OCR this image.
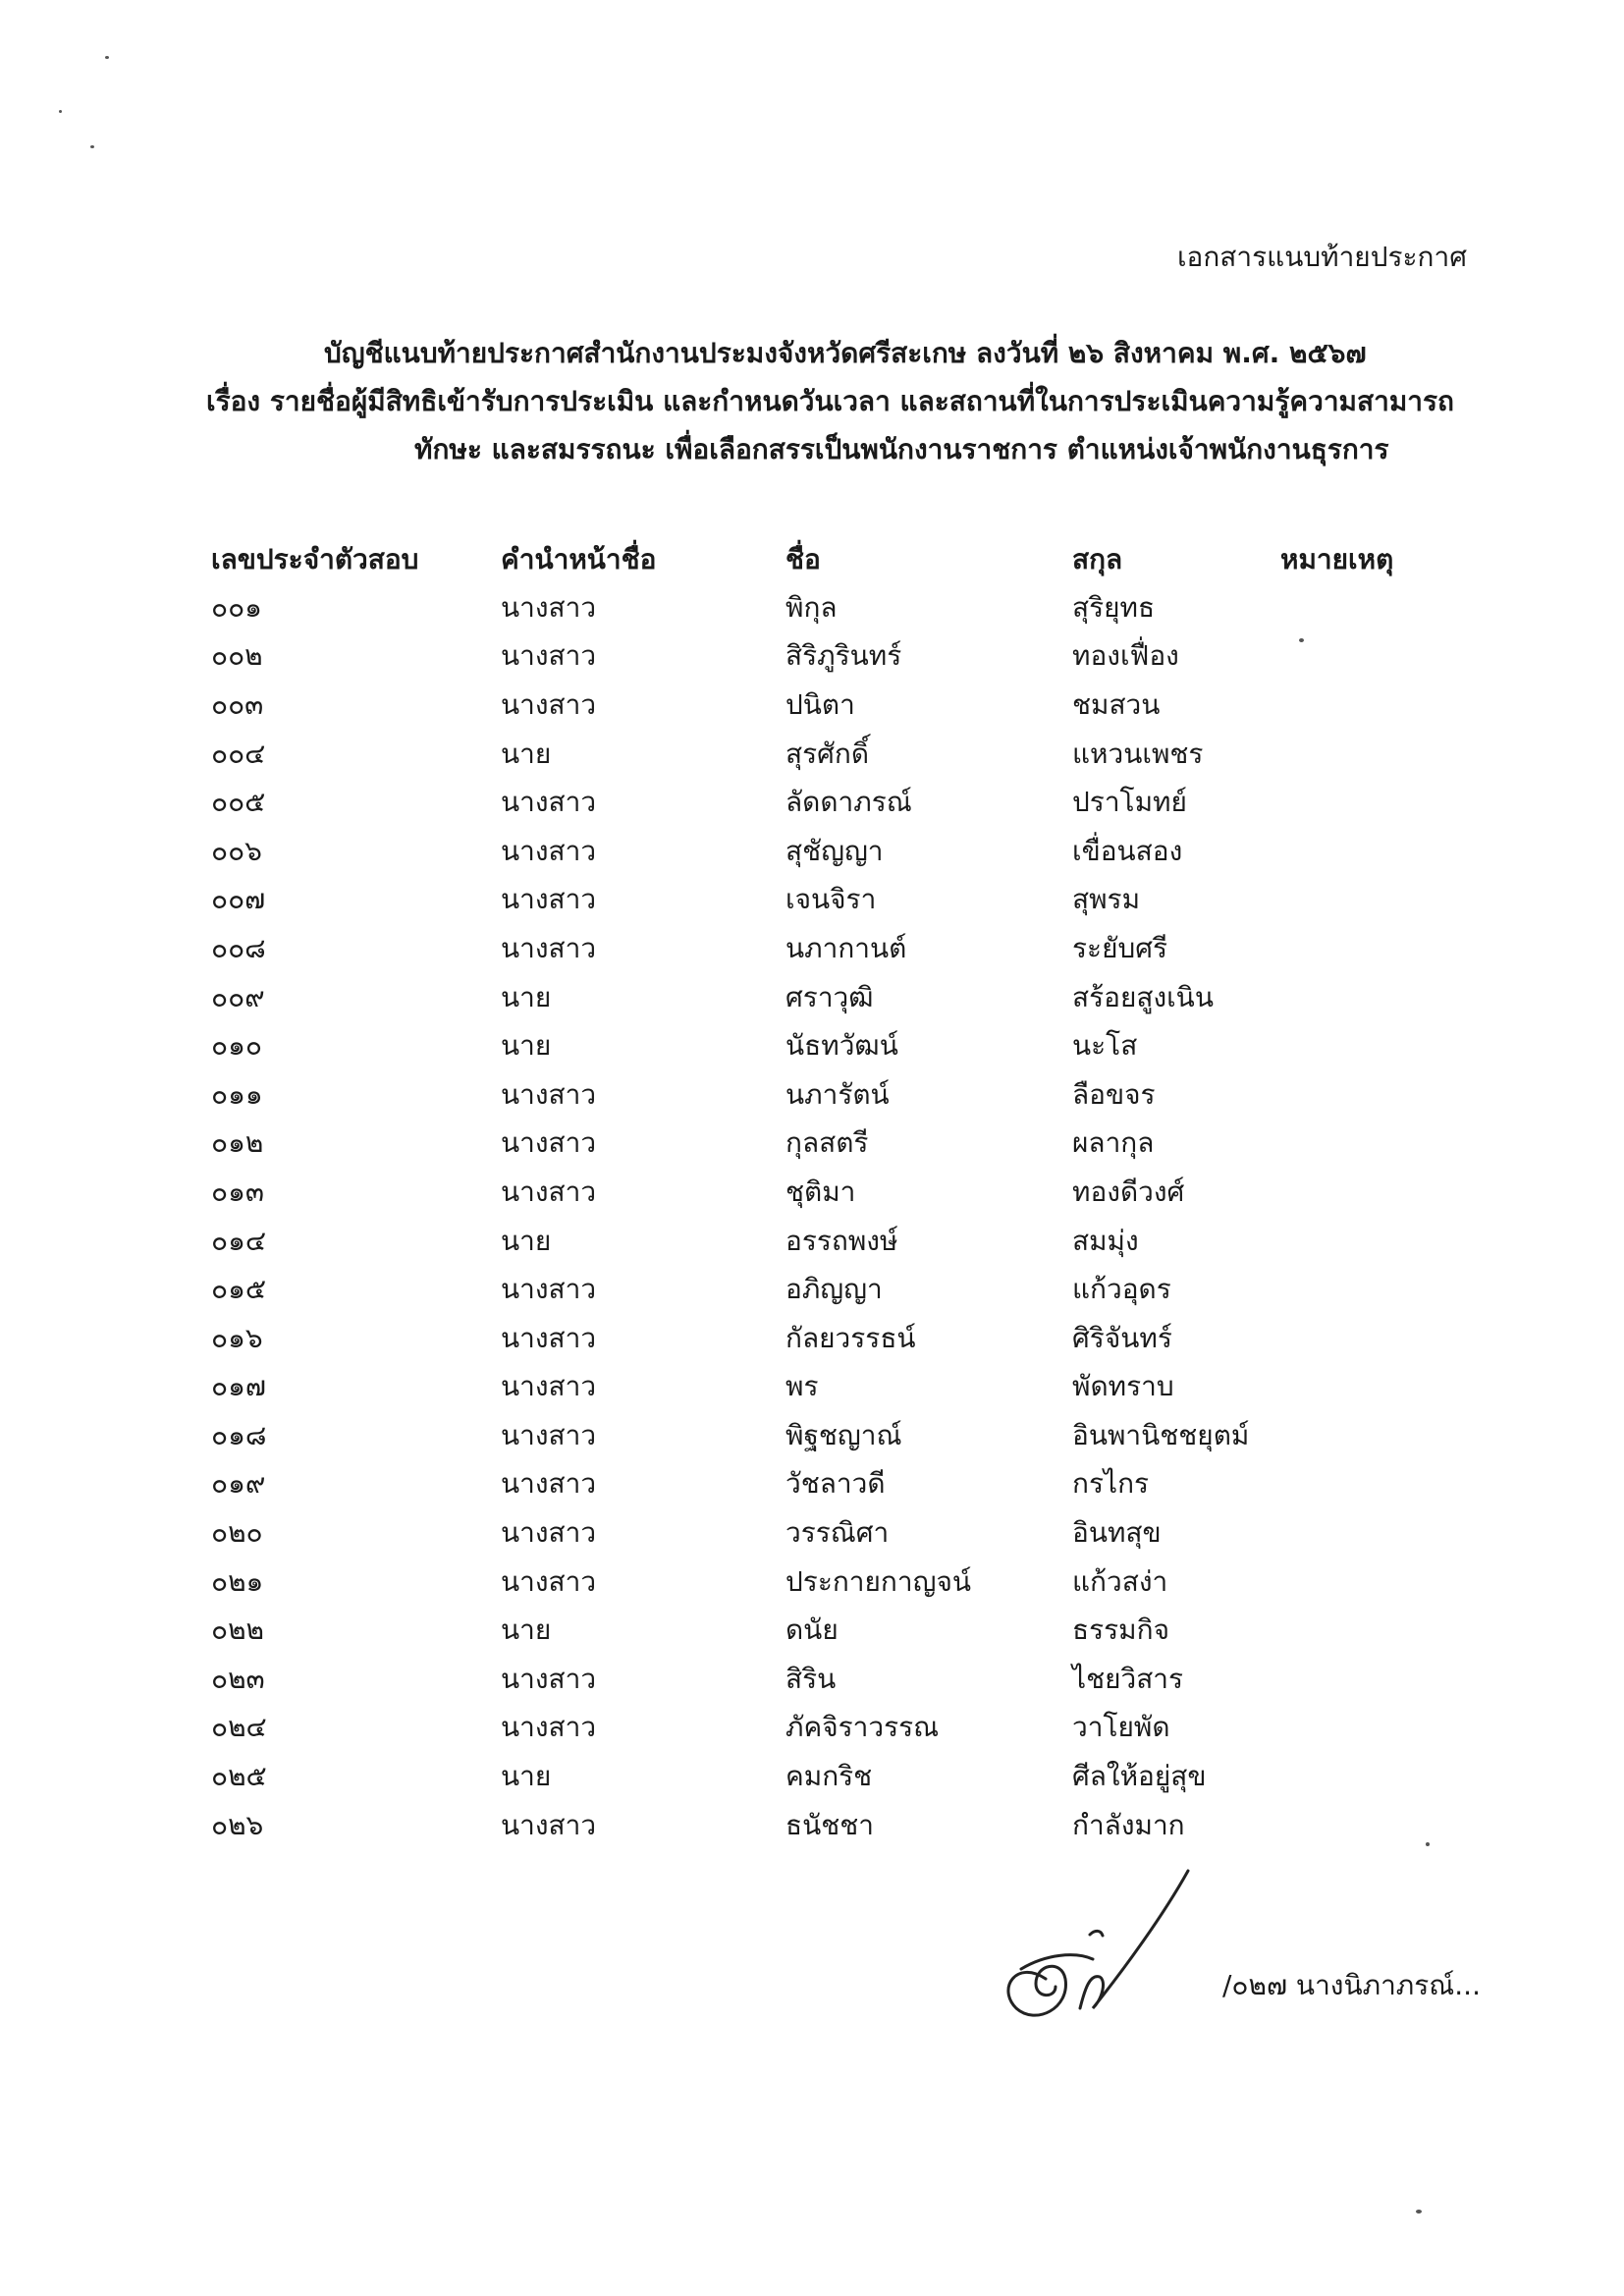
เอกสารแนบท้ายประกาศ
บัญชีแนบท้ายประกาศสำนักงานประมงจังหวัดศรีสะเกษ ลงวันที่ ๒๖ สิงหาคม พ.ศ. ๒๕๖๗
เรื่อง รายชื่อผู้มีสิทธิเข้ารับการประเมิน และกำหนดวันเวลา และสถานที่ในการประเมินความรู้ความสามารถ
ทักษะ และสมรรถนะ เพื่อเลือกสรรเป็นพนักงานราชการ ตำแหน่งเจ้าพนักงานธุรการ
เลขประจำตัวสอบ	คำนำหน้าชื่อ	ชื่อ	สกุล	หมายเหตุ
๐๐๑	นางสาว	พิกุล	สุริยุทธ	
๐๐๒	นางสาว	สิริภูรินทร์	ทองเฟื่อง	
๐๐๓	นางสาว	ปนิตา	ชมสวน	
๐๐๔	นาย	สุรศักดิ์	แหวนเพชร	
๐๐๕	นางสาว	ลัดดาภรณ์	ปราโมทย์	
๐๐๖	นางสาว	สุชัญญา	เขื่อนสอง	
๐๐๗	นางสาว	เจนจิรา	สุพรม	
๐๐๘	นางสาว	นภากานต์	ระยับศรี	
๐๐๙	นาย	ศราวุฒิ	สร้อยสูงเนิน	
๐๑๐	นาย	นัธทวัฒน์	นะโส	
๐๑๑	นางสาว	นภารัตน์	ลือขจร	
๐๑๒	นางสาว	กุลสตรี	ผลากุล	
๐๑๓	นางสาว	ชุติมา	ทองดีวงศ์	
๐๑๔	นาย	อรรถพงษ์	สมมุ่ง	
๐๑๕	นางสาว	อภิญญา	แก้วอุดร	
๐๑๖	นางสาว	กัลยวรรธน์	ศิริจันทร์	
๐๑๗	นางสาว	พร	พัดทราบ	
๐๑๘	นางสาว	พิฐชญาณ์	อินพานิชชยุตม์	
๐๑๙	นางสาว	วัชลาวดี	กรไกร	
๐๒๐	นางสาว	วรรณิศา	อินทสุข	
๐๒๑	นางสาว	ประกายกาญจน์	แก้วสง่า	
๐๒๒	นาย	ดนัย	ธรรมกิจ	
๐๒๓	นางสาว	สิริน	ไชยวิสาร	
๐๒๔	นางสาว	ภัคจิราวรรณ	วาโยพัด	
๐๒๕	นาย	คมกริช	ศีลให้อยู่สุข	
๐๒๖	นางสาว	ธนัชชา	กำลังมาก	
/๐๒๗ นางนิภาภรณ์...
